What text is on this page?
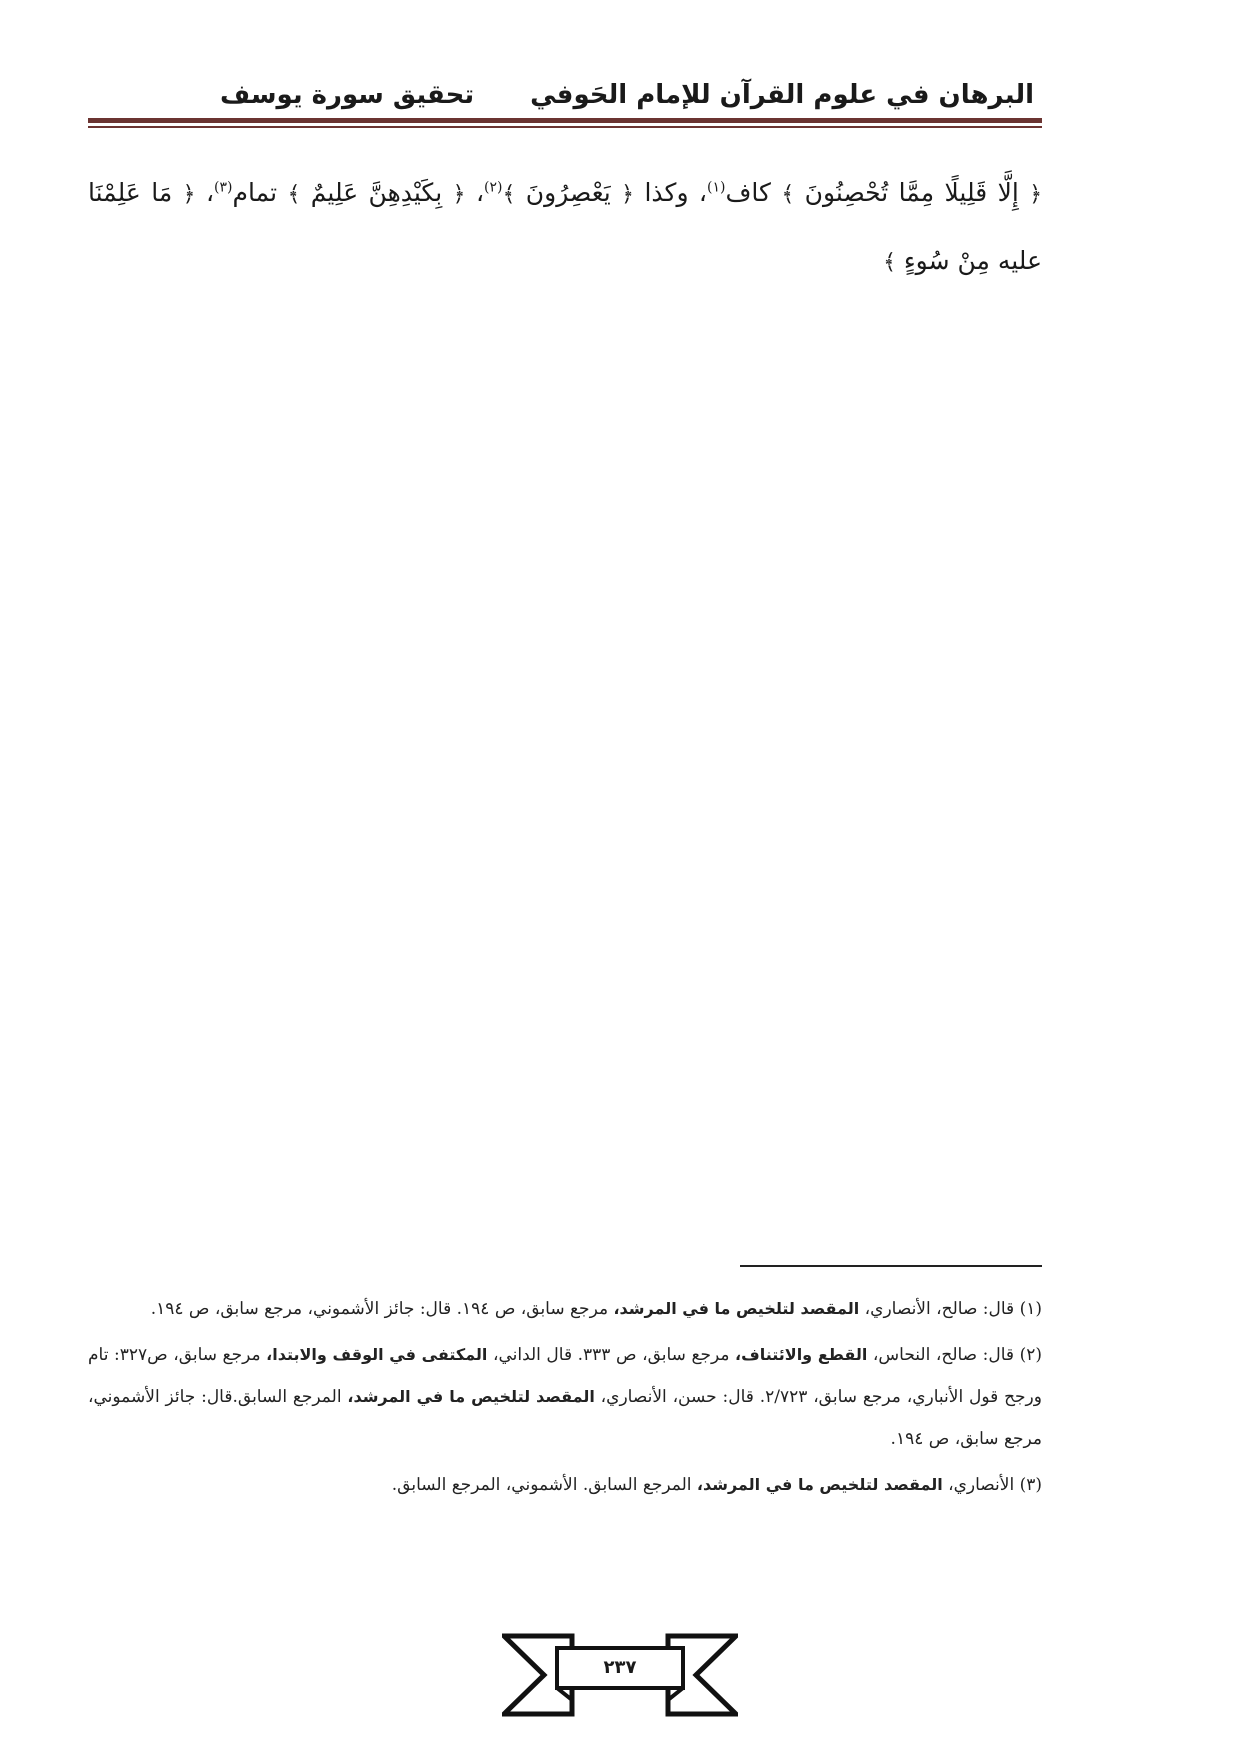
البرهان في علوم القرآن للإمام الحَوفي
تحقيق سورة يوسف
﴿ إِلَّا قَلِيلًا مِمَّا تُحْصِنُونَ ﴾ كاف$^{(١)}$، وكذا ﴿ يَعْصِرُونَ ﴾$^{(٢)}$، ﴿ بِكَيْدِهِنَّ عَلِيمٌ ﴾ تمام$^{(٣)}$، ﴿ مَا عَلِمْنَا عليه مِنْ سُوءٍ ﴾

(١) قال: صالح، الأنصاري، المقصد لتلخيص ما في المرشد، مرجع سابق، ص ١٩٤. قال: جائز الأشموني، مرجع سابق، ص ١٩٤.

(٢) قال: صالح، النحاس، القطع والائتناف، مرجع سابق، ص ٣٣٣. قال الداني، المكتفى في الوقف والابتدا، مرجع سابق، ص٣٢٧: تام ورجح قول الأنباري، مرجع سابق، ٢/٧٢٣. قال: حسن، الأنصاري، المقصد لتلخيص ما في المرشد، المرجع السابق.قال: جائز الأشموني، مرجع سابق، ص ١٩٤.

(٣) الأنصاري، المقصد لتلخيص ما في المرشد، المرجع السابق. الأشموني، المرجع السابق.

٢٣٧
